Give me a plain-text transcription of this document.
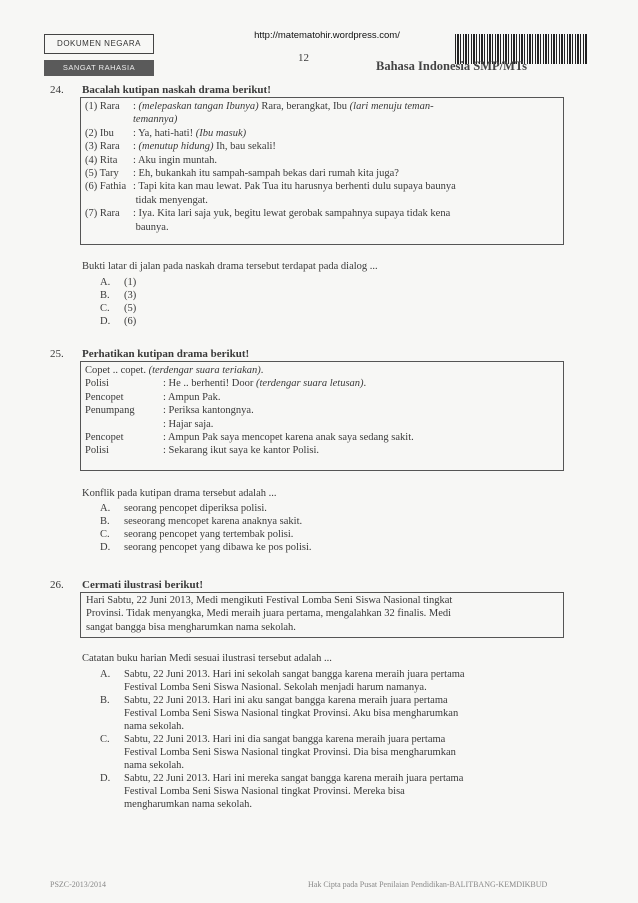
http://matematohir.wordpress.com/
DOKUMEN NEGARA
SANGAT RAHASIA
12
Bahasa Indonesia SMP/MTs
24. Bacalah kutipan naskah drama berikut!
(1) Rara : (melepaskan tangan Ibunya) Rara, berangkat, Ibu (lari menuju teman-
temannya)
(2) Ibu : Ya, hati-hati! (Ibu masuk)
(3) Rara : (menutup hidung) Ih, bau sekali!
(4) Rita : Aku ingin muntah.
(5) Tary : Eh, bukankah itu sampah-sampah bekas dari rumah kita juga?
(6) Fathia : Tapi kita kan mau lewat. Pak Tua itu harusnya berhenti dulu supaya baunya
tidak menyengat.
(7) Rara : Iya. Kita lari saja yuk, begitu lewat gerobak sampahnya supaya tidak kena
baunya.
Bukti latar di jalan pada naskah drama tersebut terdapat pada dialog ...
A. (1)
B. (3)
C. (5)
D. (6)
25. Perhatikan kutipan drama berikut!
Copet .. copet. (terdengar suara teriakan).
Polisi	: He .. berhenti! Door (terdengar suara letusan).
Pencopet	: Ampun Pak.
Penumpang	: Periksa kantongnya.
: Hajar saja.
Pencopet	: Ampun Pak saya mencopet karena anak saya sedang sakit.
Polisi	: Sekarang ikut saya ke kantor Polisi.
Konflik pada kutipan drama tersebut adalah ...
A. seorang pencopet diperiksa polisi.
B. seseorang mencopet karena anaknya sakit.
C. seorang pencopet yang tertembak polisi.
D. seorang pencopet yang dibawa ke pos polisi.
26. Cermati ilustrasi berikut!
Hari Sabtu, 22 Juni 2013, Medi mengikuti Festival Lomba Seni Siswa Nasional tingkat
Provinsi. Tidak menyangka, Medi meraih juara pertama, mengalahkan 32 finalis. Medi
sangat bangga bisa mengharumkan nama sekolah.
Catatan buku harian Medi sesuai ilustrasi tersebut adalah ...
A.	Sabtu, 22 Juni 2013. Hari ini sekolah sangat bangga karena meraih juara pertama
Festival Lomba Seni Siswa Nasional. Sekolah menjadi harum namanya.
B.	Sabtu, 22 Juni 2013. Hari ini aku sangat bangga karena meraih juara pertama
Festival Lomba Seni Siswa Nasional tingkat Provinsi. Aku bisa mengharumkan
nama sekolah.
C.	Sabtu, 22 Juni 2013. Hari ini dia sangat bangga karena meraih juara pertama
Festival Lomba Seni Siswa Nasional tingkat Provinsi. Dia bisa mengharumkan
nama sekolah.
D.	Sabtu, 22 Juni 2013. Hari ini mereka sangat bangga karena meraih juara pertama
Festival Lomba Seni Siswa Nasional tingkat Provinsi. Mereka bisa
mengharumkan nama sekolah.
PSZC-2013/2014	Hak Cipta pada Pusat Penilaian Pendidikan-BALITBANG-KEMDIKBUD
